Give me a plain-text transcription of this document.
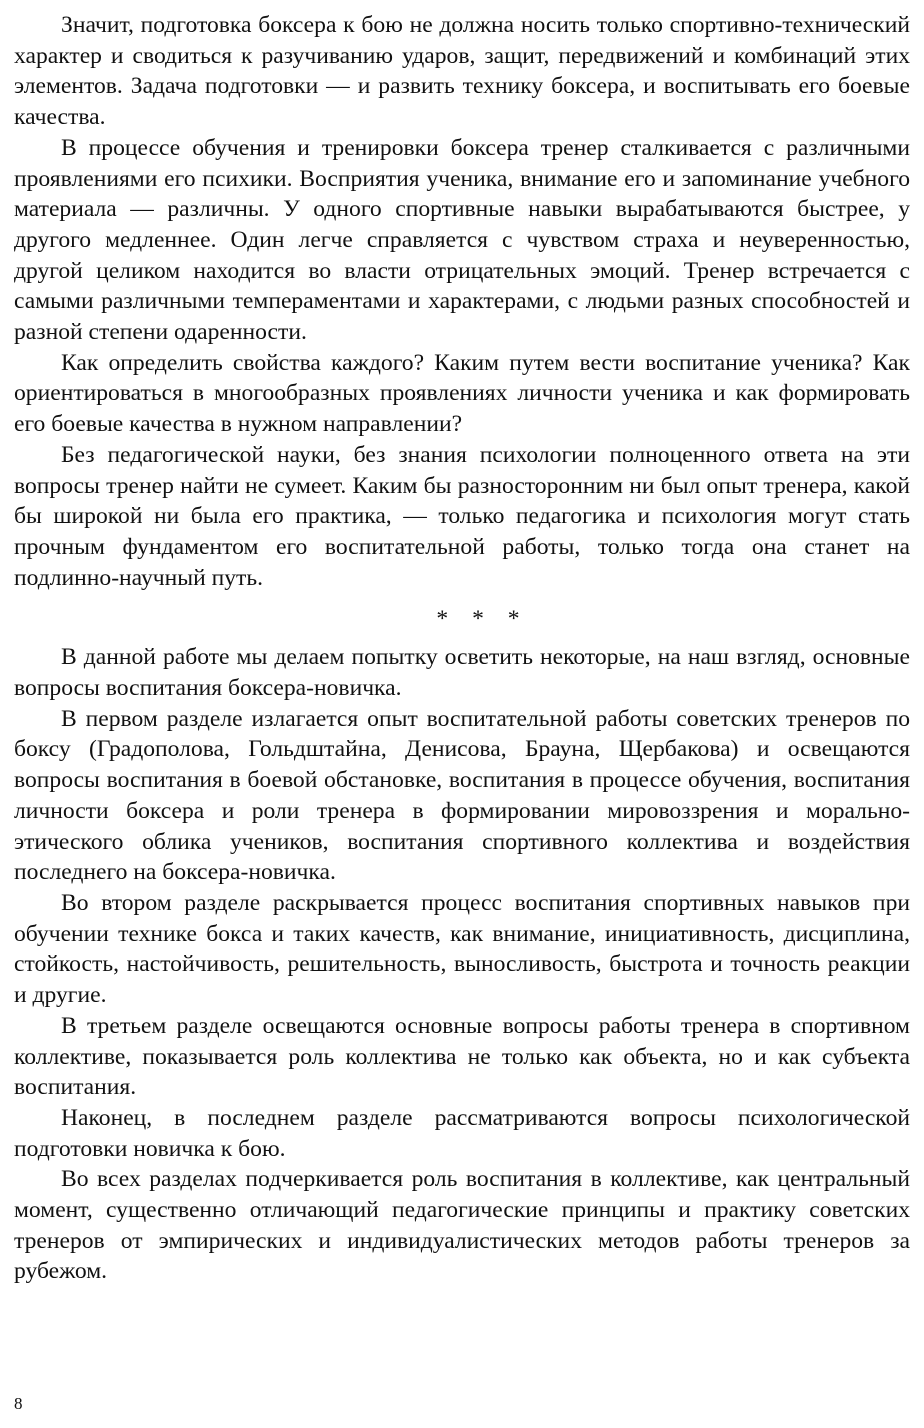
Значит, подготовка боксера к бою не должна носить только спортивно-технический характер и сводиться к разучиванию ударов, защит, передвижений и комбинаций этих элементов. Задача подготовки — и развить технику боксера, и воспитывать его боевые качества.

В процессе обучения и тренировки боксера тренер сталкивается с различными проявлениями его психики. Восприятия ученика, внимание его и запоминание учебного материала — различны. У одного спортивные навыки вырабатываются быстрее, у другого медленнее. Один легче справляется с чувством страха и неуверенностью, другой целиком находится во власти отрицательных эмоций. Тренер встречается с самыми различными темпераментами и характерами, с людьми разных способностей и разной степени одаренности.

Как определить свойства каждого? Каким путем вести воспитание ученика? Как ориентироваться в многообразных проявлениях личности ученика и как формировать его боевые качества в нужном направлении?

Без педагогической науки, без знания психологии полноценного ответа на эти вопросы тренер найти не сумеет. Каким бы разносторонним ни был опыт тренера, какой бы широкой ни была его практика, — только педагогика и психология могут стать прочным фундаментом его воспитательной работы, только тогда она станет на подлинно-научный путь.

* * *

В данной работе мы делаем попытку осветить некоторые, на наш взгляд, основные вопросы воспитания боксера-новичка.

В первом разделе излагается опыт воспитательной работы советских тренеров по боксу (Градополова, Гольдштайна, Денисова, Брауна, Щербакова) и освещаются вопросы воспитания в боевой обстановке, воспитания в процессе обучения, воспитания личности боксера и роли тренера в формировании мировоззрения и морально-этического облика учеников, воспитания спортивного коллектива и воздействия последнего на боксера-новичка.

Во втором разделе раскрывается процесс воспитания спортивных навыков при обучении технике бокса и таких качеств, как внимание, инициативность, дисциплина, стойкость, настойчивость, решительность, выносливость, быстрота и точность реакции и другие.

В третьем разделе освещаются основные вопросы работы тренера в спортивном коллективе, показывается роль коллектива не только как объекта, но и как субъекта воспитания.

Наконец, в последнем разделе рассматриваются вопросы психологической подготовки новичка к бою.

Во всех разделах подчеркивается роль воспитания в коллективе, как центральный момент, существенно отличающий педагогические принципы и практику советских тренеров от эмпирических и индивидуалистических методов работы тренеров за рубежом.

8
